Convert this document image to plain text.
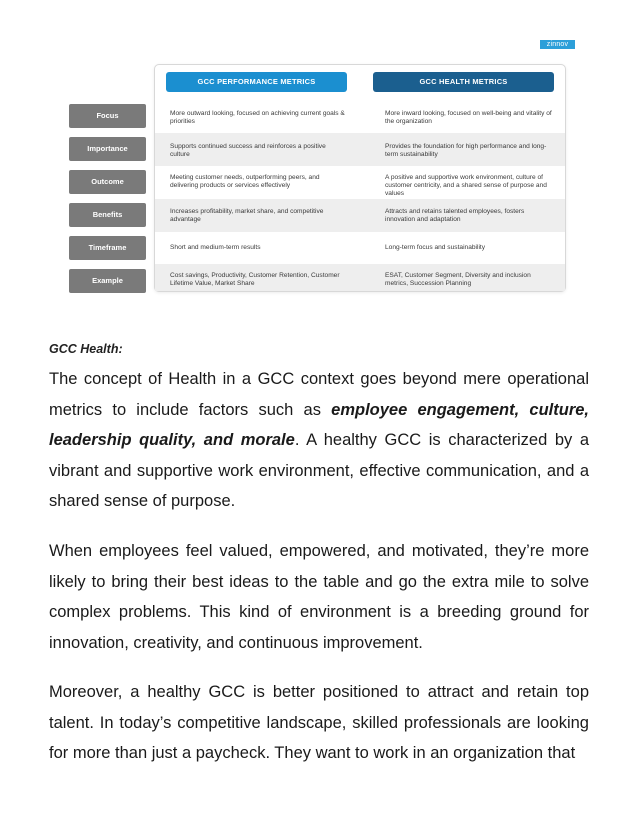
zinnov
GCC PERFORMANCE METRICS	GCC HEALTH METRICS
Focus
Importance
Outcome
Benefits
Timeframe
Example
More outward looking, focused on achieving current goals & priorities
More inward looking, focused on well-being and vitality of the organization
Supports continued success and reinforces a positive culture
Provides the foundation for high performance and long-term sustainability
Meeting customer needs, outperforming peers, and delivering products or services effectively
A positive and supportive work environment, culture of customer centricity, and a shared sense of purpose and values
Increases profitability, market share, and competitive advantage
Attracts and retains talented employees, fosters innovation and adaptation
Short and medium-term results	Long-term focus and sustainability
Cost savings, Productivity, Customer Retention, Customer Lifetime Value, Market Share
ESAT, Customer Segment, Diversity and inclusion metrics, Succession Planning
GCC Health:

The concept of Health in a GCC context goes beyond mere operational metrics to include factors such as employee engagement, culture, leadership quality, and morale. A healthy GCC is characterized by a vibrant and supportive work environment, effective communication, and a shared sense of purpose.

When employees feel valued, empowered, and motivated, they’re more likely to bring their best ideas to the table and go the extra mile to solve complex problems. This kind of environment is a breeding ground for innovation, creativity, and continuous improvement.

Moreover, a healthy GCC is better positioned to attract and retain top talent. In today’s competitive landscape, skilled professionals are looking for more than just a paycheck. They want to work in an organization that
